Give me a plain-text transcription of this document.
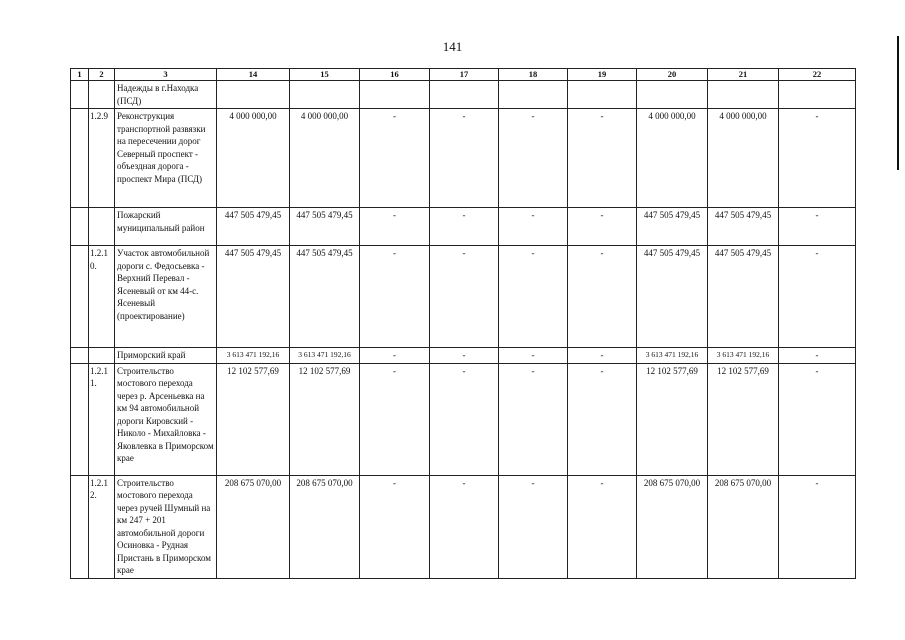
141
1	2	3	14	15	16	17	18	19	20	21	22
		Надежды в г.Находка (ПСД)									
	1.2.9	Реконструкция транспортной развязки на пересечении дорог Северный проспект - объездная дорога - проспект Мира (ПСД)	4 000 000,00	4 000 000,00	-	-	-	-	4 000 000,00	4 000 000,00	-
		Пожарский муниципальный район	447 505 479,45	447 505 479,45	-	-	-	-	447 505 479,45	447 505 479,45	-
	1.2.10.	Участок автомобильной дороги с. Федосьевка - Верхний Перевал - Ясеневый от км 44-с. Ясеневый (проектирование)	447 505 479,45	447 505 479,45	-	-	-	-	447 505 479,45	447 505 479,45	-
		Приморский край	3 613 471 192,16	3 613 471 192,16	-	-	-	-	3 613 471 192,16	3 613 471 192,16	-
	1.2.11.	Строительство мостового перехода через р. Арсеньевка на км 94 автомобильной дороги Кировский - Николо - Михайловка - Яковлевка в Приморском крае	12 102 577,69	12 102 577,69	-	-	-	-	12 102 577,69	12 102 577,69	-
	1.2.12.	Строительство мостового перехода через ручей Шумный на км 247 + 201 автомобильной дороги Осиновка - Рудная Пристань в Приморском крае	208 675 070,00	208 675 070,00	-	-	-	-	208 675 070,00	208 675 070,00	-
